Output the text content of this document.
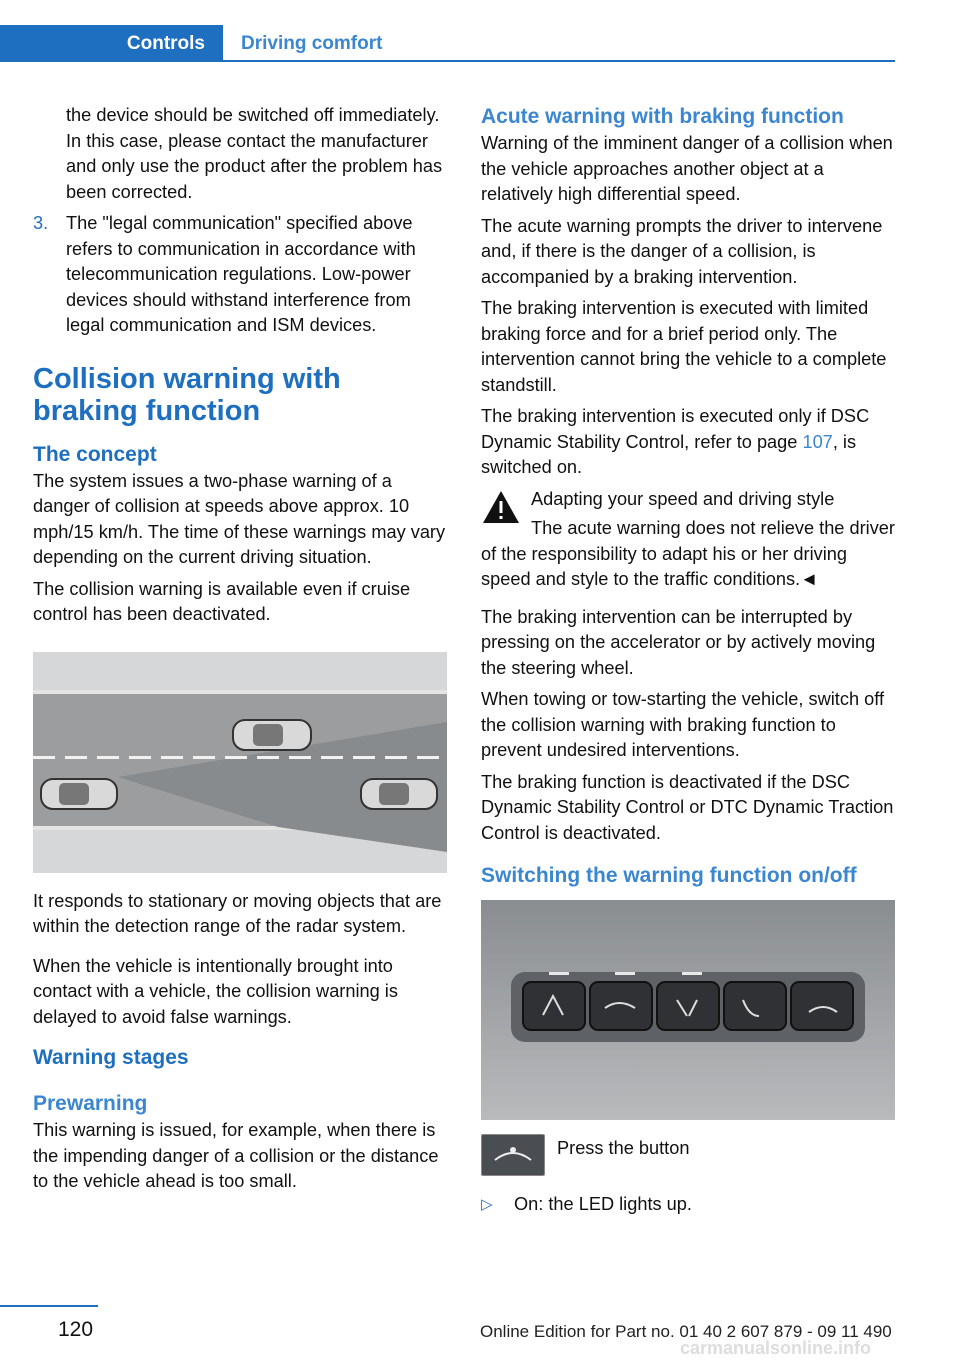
Controls	Driving comfort

the device should be switched off immediately. In this case, please contact the manufacturer and only use the product after the problem has been corrected.

3. The "legal communication" specified above refers to communication in accordance with telecommunication regulations. Low-power devices should withstand interference from legal communication and ISM devices.
Collision warning with braking function
The concept

The system issues a two-phase warning of a danger of collision at speeds above approx. 10 mph/15 km/h. The time of these warnings may vary depending on the current driving situation.

The collision warning is available even if cruise control has been deactivated.

It responds to stationary or moving objects that are within the detection range of the radar system.

When the vehicle is intentionally brought into contact with a vehicle, the collision warning is delayed to avoid false warnings.

Warning stages
Prewarning

This warning is issued, for example, when there is the impending danger of a collision or the distance to the vehicle ahead is too small.

Acute warning with braking function

Warning of the imminent danger of a collision when the vehicle approaches another object at a relatively high differential speed.

The acute warning prompts the driver to intervene and, if there is the danger of a collision, is accompanied by a braking intervention.

The braking intervention is executed with limited braking force and for a brief period only. The intervention cannot bring the vehicle to a complete standstill.

The braking intervention is executed only if DSC Dynamic Stability Control, refer to page 107, is switched on.

Adapting your speed and driving style

The acute warning does not relieve the driver of the responsibility to adapt his or her driving speed and style to the traffic conditions.◄

The braking intervention can be interrupted by pressing on the accelerator or by actively moving the steering wheel.

When towing or tow-starting the vehicle, switch off the collision warning with braking function to prevent undesired interventions.

The braking function is deactivated if the DSC Dynamic Stability Control or DTC Dynamic Traction Control is deactivated.

Switching the warning function on/off
Press the button
▷	On: the LED lights up.
120	Online Edition for Part no. 01 40 2 607 879 - 09 11 490
carmanualsonline.info
